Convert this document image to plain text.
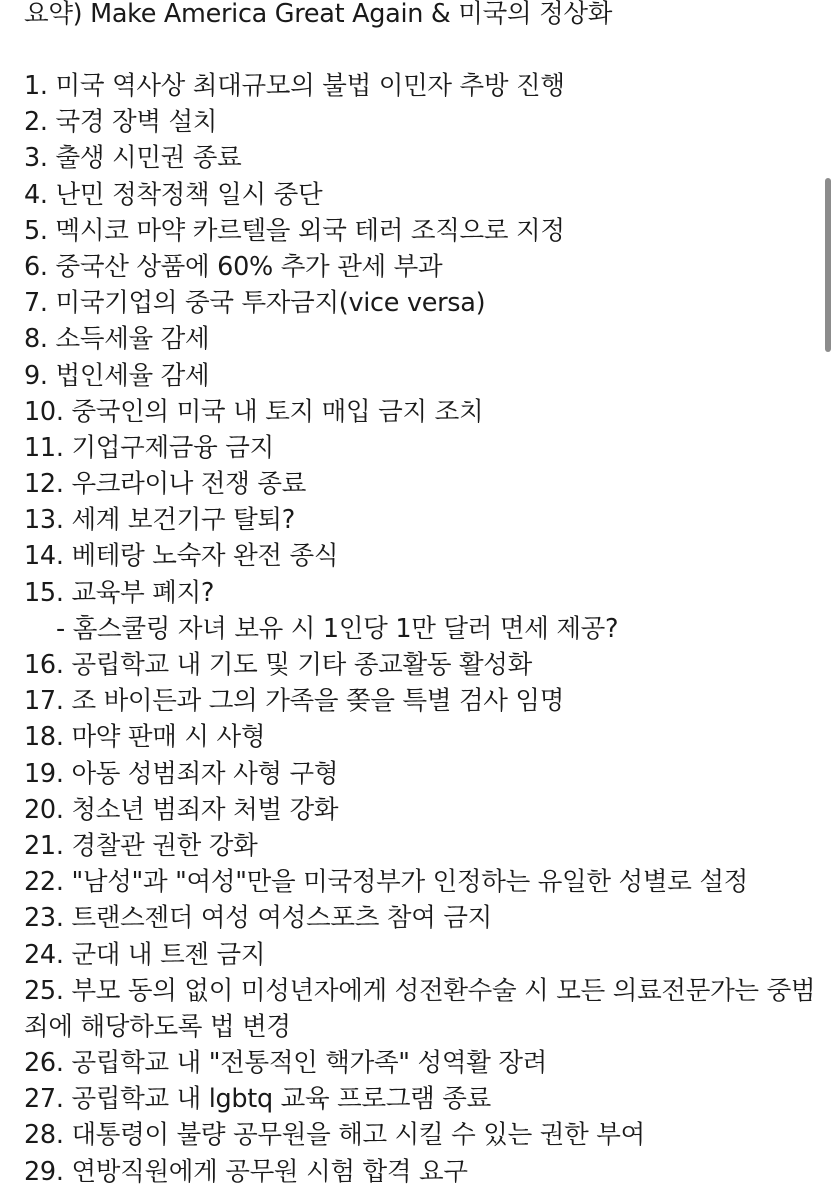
요약) Make America Great Again & 미국의 정상화
1. 미국 역사상 최대규모의 불법 이민자 추방 진행
2. 국경 장벽 설치
3. 출생 시민권 종료
4. 난민 정착정책 일시 중단
5. 멕시코 마약 카르텔을 외국 테러 조직으로 지정
6. 중국산 상품에 60% 추가 관세 부과
7. 미국기업의 중국 투자금지(vice versa)
8. 소득세율 감세
9. 법인세율 감세
10. 중국인의 미국 내 토지 매입 금지 조치
11. 기업구제금융 금지
12. 우크라이나 전쟁 종료
13. 세계 보건기구 탈퇴?
14. 베테랑 노숙자 완전 종식
15. 교육부 폐지?
- 홈스쿨링 자녀 보유 시 1인당 1만 달러 면세 제공?
16. 공립학교 내 기도 및 기타 종교활동 활성화
17. 조 바이든과 그의 가족을 쫒을 특별 검사 임명
18. 마약 판매 시 사형
19. 아동 성범죄자 사형 구형
20. 청소년 범죄자 처벌 강화
21. 경찰관 권한 강화
22. "남성"과 "여성"만을 미국정부가 인정하는 유일한 성별로 설정
23. 트랜스젠더 여성 여성스포츠 참여 금지
24. 군대 내 트젠 금지
25. 부모 동의 없이 미성년자에게 성전환수술 시 모든 의료전문가는 중범
죄에 해당하도록 법 변경
26. 공립학교 내 "전통적인 핵가족" 성역활 장려
27. 공립학교 내 lgbtq 교육 프로그램 종료
28. 대통령이 불량 공무원을 해고 시킬 수 있는 권한 부여
29. 연방직원에게 공무원 시험 합격 요구
